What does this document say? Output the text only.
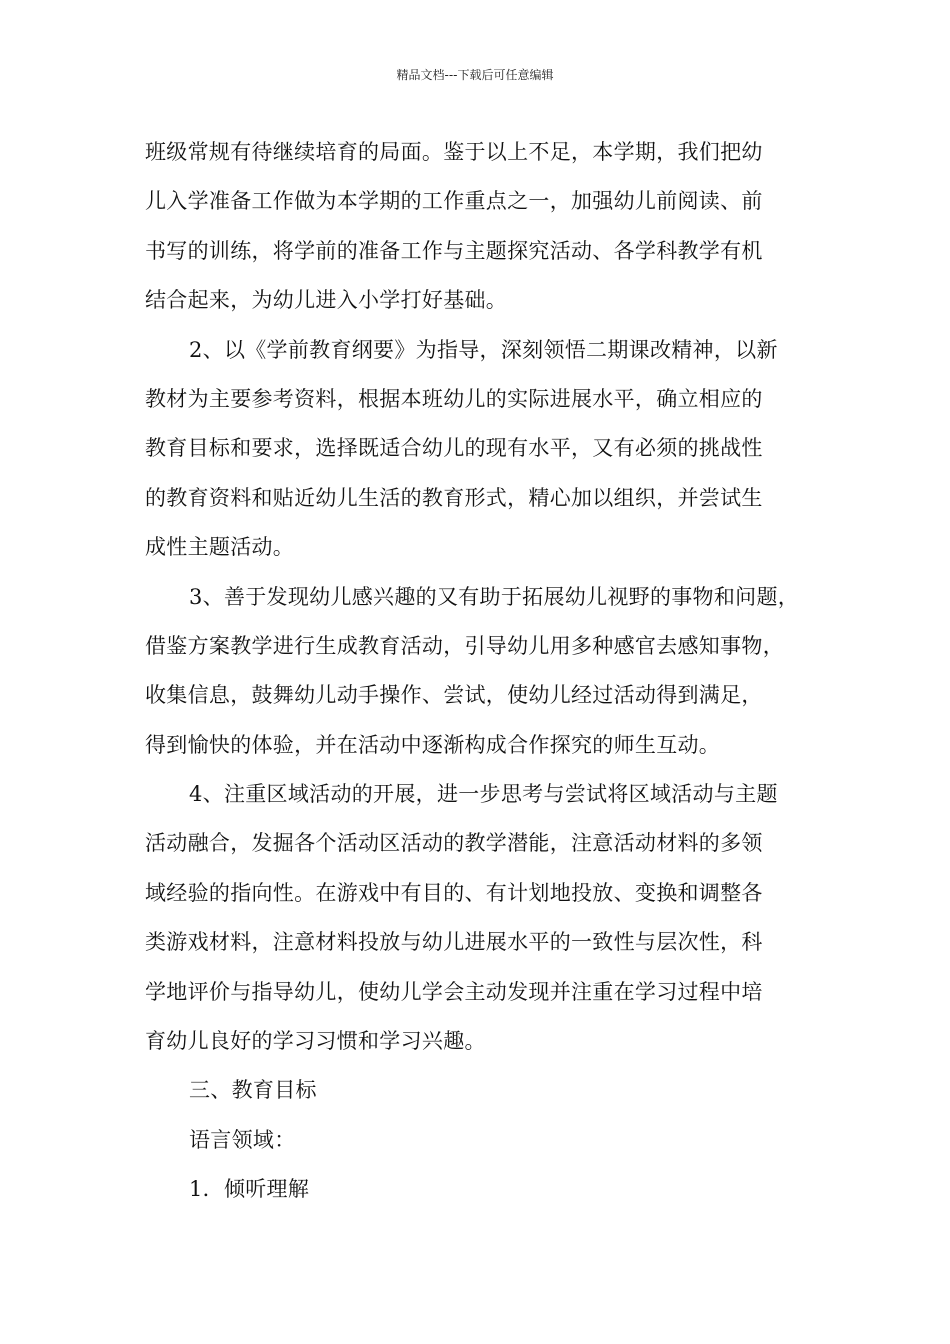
精品文档---下载后可任意编辑
班级常规有待继续培育的局面。鉴于以上不足，本学期，我们把幼
儿入学准备工作做为本学期的工作重点之一，加强幼儿前阅读、前
书写的训练，将学前的准备工作与主题探究活动、各学科教学有机
结合起来，为幼儿进入小学打好基础。
2、以《学前教育纲要》为指导，深刻领悟二期课改精神，以新
教材为主要参考资料，根据本班幼儿的实际进展水平，确立相应的
教育目标和要求，选择既适合幼儿的现有水平，又有必须的挑战性
的教育资料和贴近幼儿生活的教育形式，精心加以组织，并尝试生
成性主题活动。
3、善于发现幼儿感兴趣的又有助于拓展幼儿视野的事物和问题，
借鉴方案教学进行生成教育活动，引导幼儿用多种感官去感知事物，
收集信息，鼓舞幼儿动手操作、尝试，使幼儿经过活动得到满足，
得到愉快的体验，并在活动中逐渐构成合作探究的师生互动。
4、注重区域活动的开展，进一步思考与尝试将区域活动与主题
活动融合，发掘各个活动区活动的教学潜能，注意活动材料的多领
域经验的指向性。在游戏中有目的、有计划地投放、变换和调整各
类游戏材料，注意材料投放与幼儿进展水平的一致性与层次性，科
学地评价与指导幼儿，使幼儿学会主动发现并注重在学习过程中培
育幼儿良好的学习习惯和学习兴趣。
三、教育目标
语言领域：
1．倾听理解
